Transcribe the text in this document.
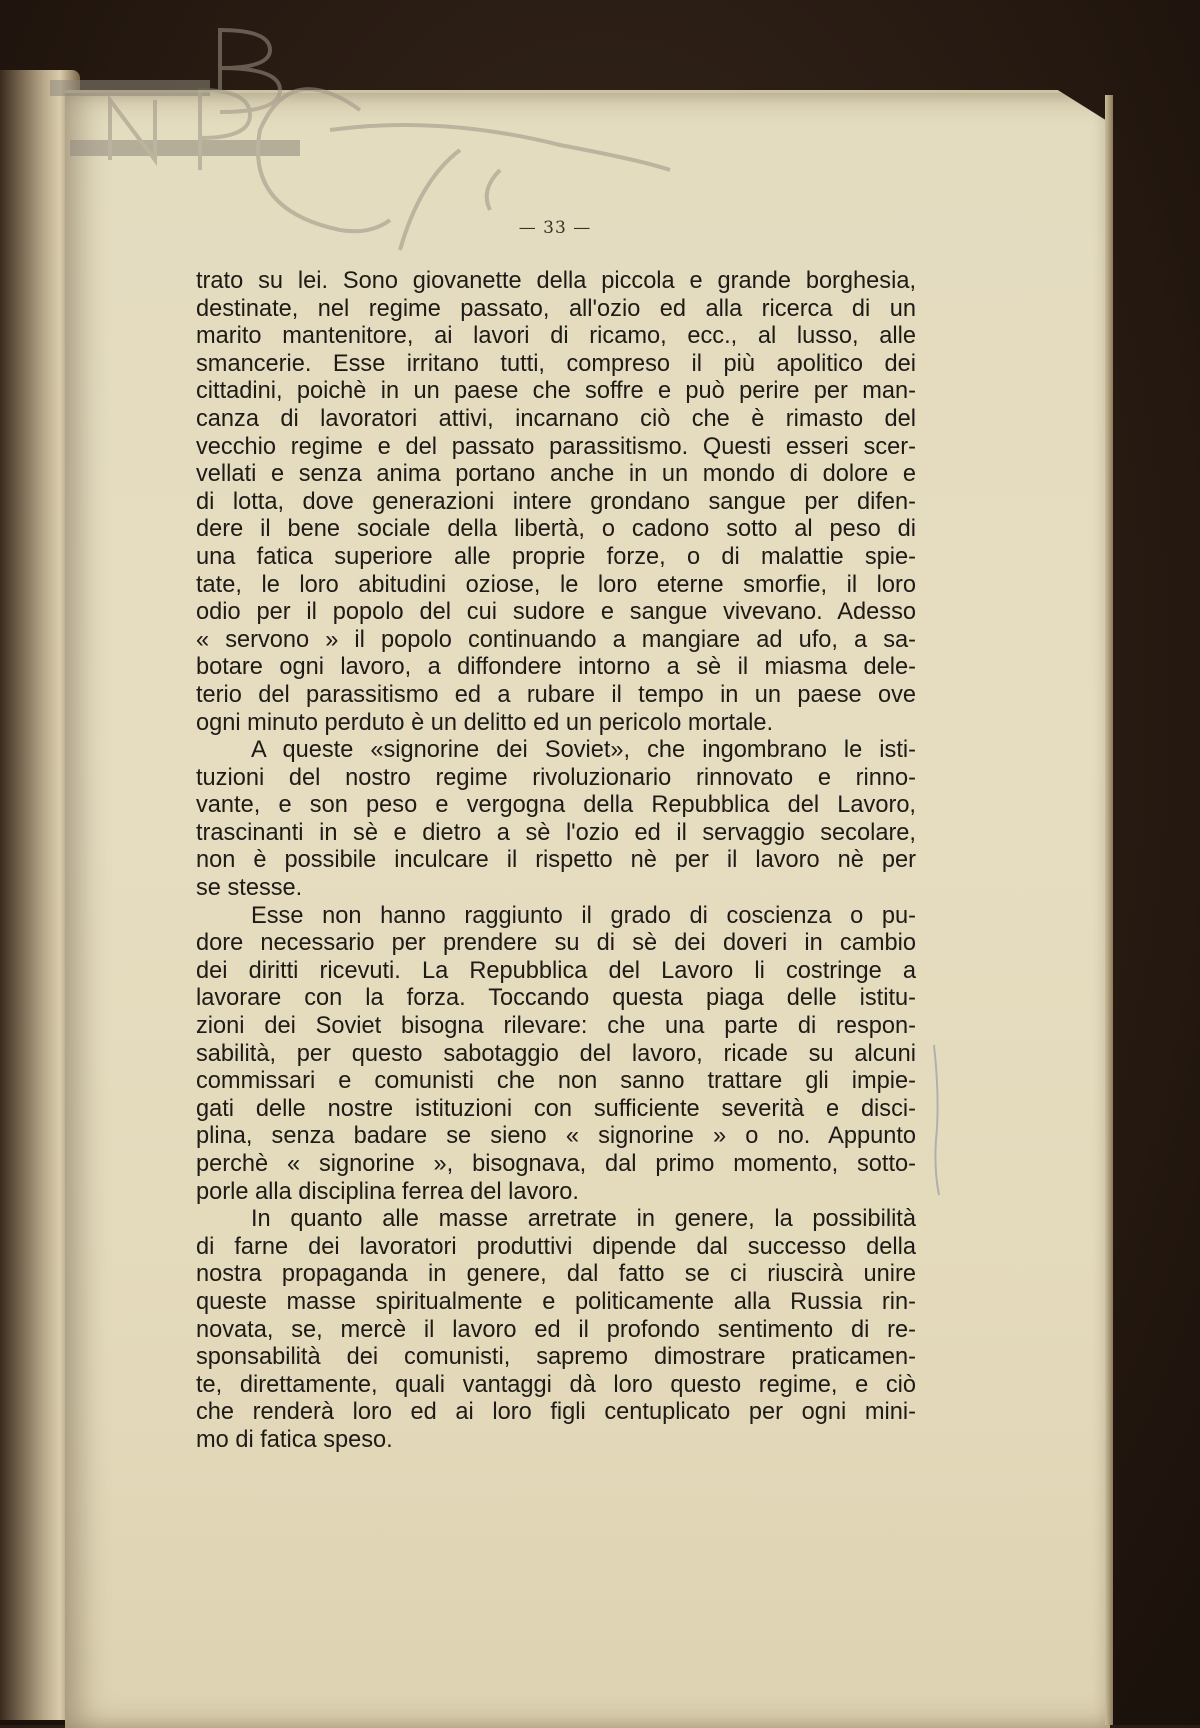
— 33 —
trato su lei. Sono giovanette della piccola e grande borghesia,
destinate, nel regime passato, all'ozio ed alla ricerca di un
marito mantenitore, ai lavori di ricamo, ecc., al lusso, alle
smancerie. Esse irritano tutti, compreso il più apolitico dei
cittadini, poichè in un paese che soffre e può perire per man-
canza di lavoratori attivi, incarnano ciò che è rimasto del
vecchio regime e del passato parassitismo. Questi esseri scer-
vellati e senza anima portano anche in un mondo di dolore e
di lotta, dove generazioni intere grondano sangue per difen-
dere il bene sociale della libertà, o cadono sotto al peso di
una fatica superiore alle proprie forze, o di malattie spie-
tate, le loro abitudini oziose, le loro eterne smorfie, il loro
odio per il popolo del cui sudore e sangue vivevano. Adesso
« servono » il popolo continuando a mangiare ad ufo, a sa-
botare ogni lavoro, a diffondere intorno a sè il miasma dele-
terio del parassitismo ed a rubare il tempo in un paese ove
ogni minuto perduto è un delitto ed un pericolo mortale.
A queste «signorine dei Soviet», che ingombrano le isti-
tuzioni del nostro regime rivoluzionario rinnovato e rinno-
vante, e son peso e vergogna della Repubblica del Lavoro,
trascinanti in sè e dietro a sè l'ozio ed il servaggio secolare,
non è possibile inculcare il rispetto nè per il lavoro nè per
se stesse.
Esse non hanno raggiunto il grado di coscienza o pu-
dore necessario per prendere su di sè dei doveri in cambio
dei diritti ricevuti. La Repubblica del Lavoro li costringe a
lavorare con la forza. Toccando questa piaga delle istitu-
zioni dei Soviet bisogna rilevare: che una parte di respon-
sabilità, per questo sabotaggio del lavoro, ricade su alcuni
commissari e comunisti che non sanno trattare gli impie-
gati delle nostre istituzioni con sufficiente severità e disci-
plina, senza badare se sieno « signorine » o no. Appunto
perchè « signorine », bisognava, dal primo momento, sotto-
porle alla disciplina ferrea del lavoro.
In quanto alle masse arretrate in genere, la possibilità
di farne dei lavoratori produttivi dipende dal successo della
nostra propaganda in genere, dal fatto se ci riuscirà unire
queste masse spiritualmente e politicamente alla Russia rin-
novata, se, mercè il lavoro ed il profondo sentimento di re-
sponsabilità dei comunisti, sapremo dimostrare praticamen-
te, direttamente, quali vantaggi dà loro questo regime, e ciò
che renderà loro ed ai loro figli centuplicato per ogni mini-
mo di fatica speso.
